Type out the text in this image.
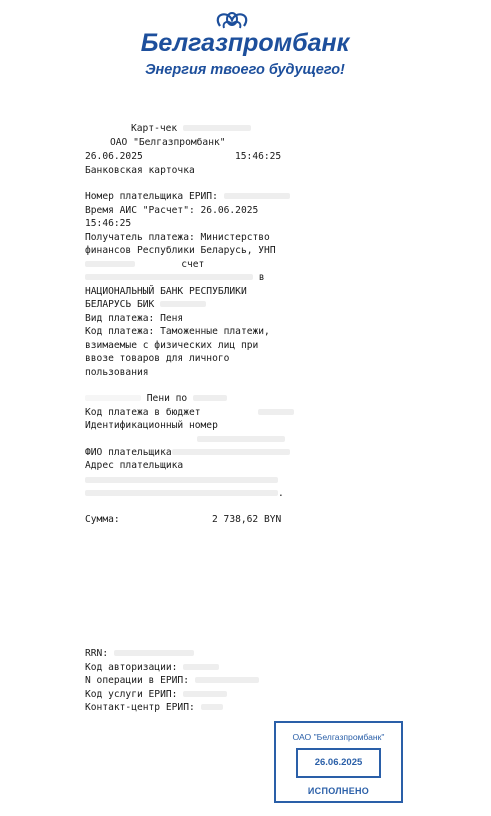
Белгазпромбанк
Энергия твоего будущего!

Карт-чек

ОАО "Белгазпромбанк"

26.06.2025

	15:46:25

Банковская карточка

Номер плательщика ЕРИП:

Время АИС "Расчет": 26.06.2025

15:46:25

Получатель платежа: Министерство

финансов Республики Беларусь, УНП

счет

в

НАЦИОНАЛЬНЫЙ БАНК РЕСПУБЛИКИ

БЕЛАРУСЬ БИК

Вид платежа: Пеня

Код платежа: Таможенные платежи,

взимаемые с физических лиц при

ввозе товаров для личного

пользования

Пени по

Код платежа в бюджет

Идентификационный номер

ФИО плательщика

Адрес плательщика

.

Сумма:

	2 738,62 BYN

RRN:

Код авторизации:

N операции в ЕРИП:

Код услуги ЕРИП:

Контакт-центр ЕРИП:

ОАО "Белгазпромбанк"
26.06.2025
ИСПОЛНЕНО
